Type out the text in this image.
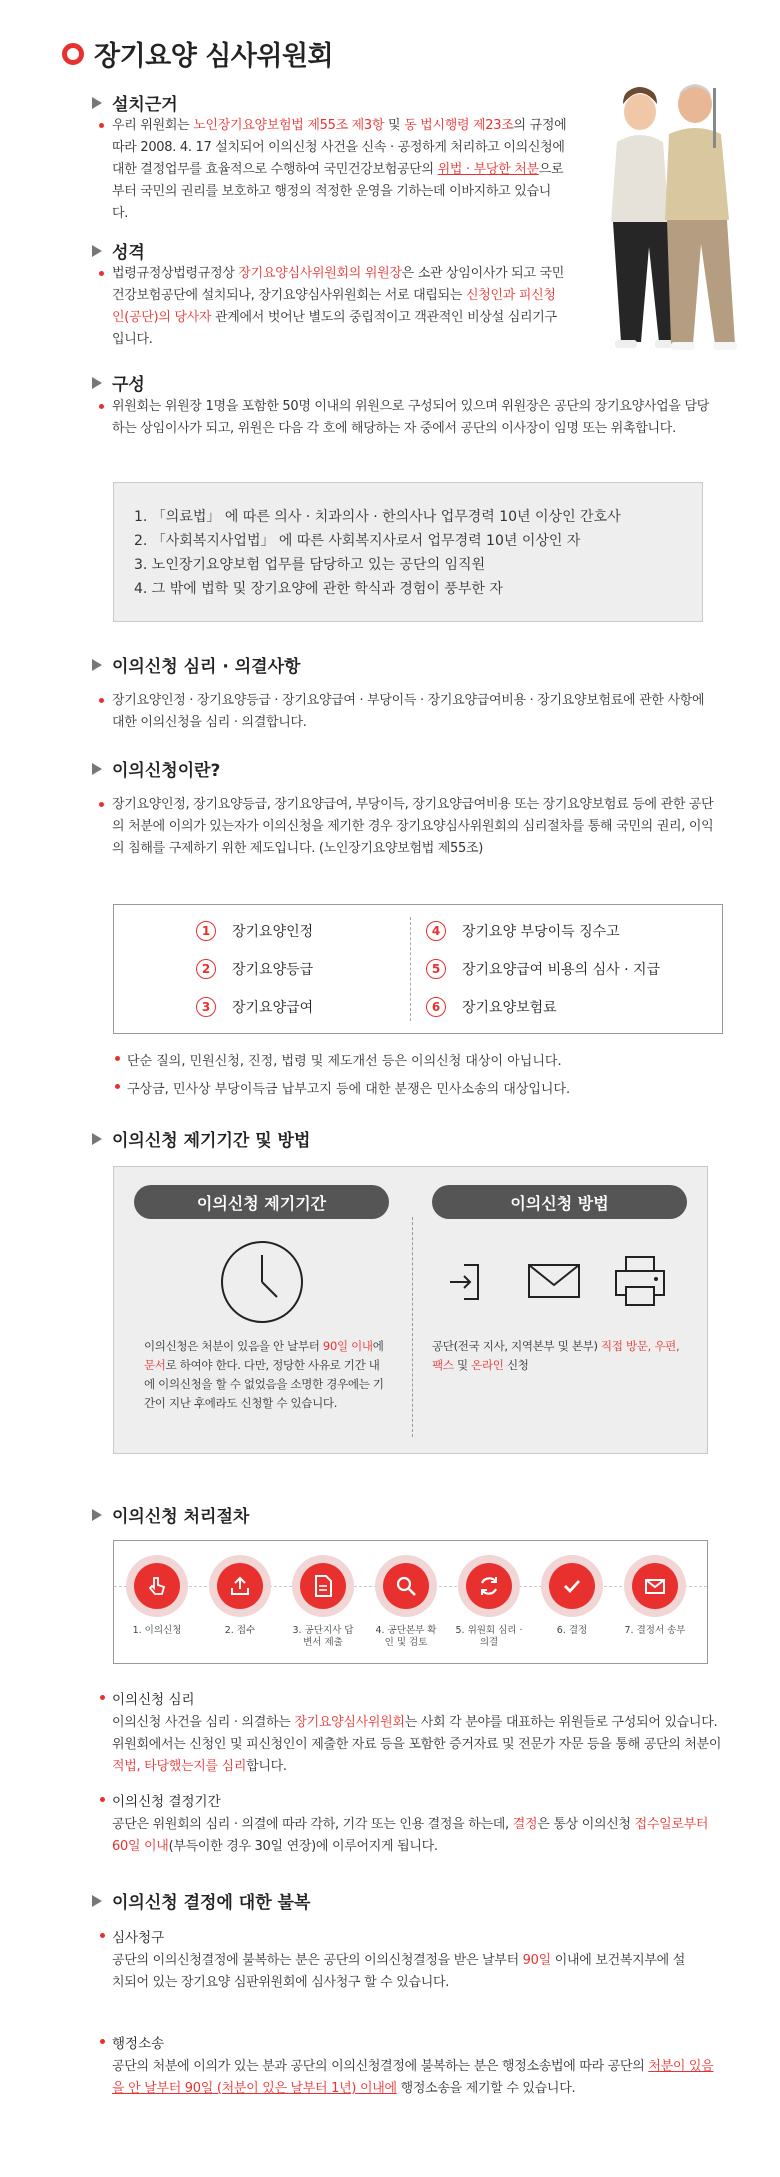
장기요양 심사위원회
설치근거
우리 위원회는 노인장기요양보험법 제55조 제3항 및 동 법시행령 제23조의 규정에 따라 2008. 4. 17 설치되어 이의신청 사건을 신속 · 공정하게 처리하고 이의신청에 대한 결정업무를 효율적으로 수행하여 국민건강보험공단의 위법 · 부당한 처분으로부터 국민의 권리를 보호하고 행정의 적정한 운영을 기하는데 이바지하고 있습니다.
성격
법령규정상법령규정상 장기요양심사위원회의 위원장은 소관 상임이사가 되고 국민건강보험공단에 설치되나, 장기요양심사위원회는 서로 대립되는 신청인과 피신청인(공단)의 당사자 관계에서 벗어난 별도의 중립적이고 객관적인 비상설 심리기구입니다.
구성
위원회는 위원장 1명을 포함한 50명 이내의 위원으로 구성되어 있으며 위원장은 공단의 장기요양사업을 담당하는 상임이사가 되고, 위원은 다음 각 호에 해당하는 자 중에서 공단의 이사장이 임명 또는 위촉합니다.
1. 「의료법」 에 따른 의사 · 치과의사 · 한의사나 업무경력 10년 이상인 간호사
2. 「사회복지사업법」 에 따른 사회복지사로서 업무경력 10년 이상인 자
3. 노인장기요양보험 업무를 담당하고 있는 공단의 임직원
4. 그 밖에 법학 및 장기요양에 관한 학식과 경험이 풍부한 자
이의신청 심리 · 의결사항
장기요양인정 · 장기요양등급 · 장기요양급여 · 부당이득 · 장기요양급여비용 · 장기요양보험료에 관한 사항에 대한 이의신청을 심리 · 의결합니다.
이의신청이란?
장기요양인정, 장기요양등급, 장기요양급여, 부당이득, 장기요양급여비용 또는 장기요양보험료 등에 관한 공단의 처분에 이의가 있는자가 이의신청을 제기한 경우 장기요양심사위원회의 심리절차를 통해 국민의 권리, 이익의 침해를 구제하기 위한 제도입니다. (노인장기요양보험법 제55조)
1	장기요양인정
2	장기요양등급
3	장기요양급여
4	장기요양 부당이득 징수고
5	장기요양급여 비용의 심사 · 지급
6	장기요양보험료
단순 질의, 민원신청, 진정, 법령 및 제도개선 등은 이의신청 대상이 아닙니다.
구상금, 민사상 부당이득금 납부고지 등에 대한 분쟁은 민사소송의 대상입니다.
이의신청 제기기간 및 방법
이의신청 제기기간	이의신청 방법
이의신청은 처분이 있음을 안 날부터 90일 이내에 문서로 하여야 한다. 다만, 정당한 사유로 기간 내에 이의신청을 할 수 없었음을 소명한 경우에는 기간이 지난 후에라도 신청할 수 있습니다.
공단(전국 지사, 지역본부 및 본부) 직접 방문, 우편, 팩스 및 온라인 신청
이의신청 처리절차
1. 이의신청	2. 접수	3. 공단지사 답변서 제출
4. 공단본부 확인 및 검토
5. 위원회 심리 · 의결
6. 결정	7. 결정서 송부
이의신청 심리
이의신청 사건을 심리 · 의결하는 장기요양심사위원회는 사회 각 분야를 대표하는 위원들로 구성되어 있습니다. 위원회에서는 신청인 및 피신청인이 제출한 자료 등을 포함한 증거자료 및 전문가 자문 등을 통해 공단의 처분이 적법, 타당했는지를 심리합니다.
이의신청 결정기간
공단은 위원회의 심리 · 의결에 따라 각하, 기각 또는 인용 결정을 하는데, 결정은 통상 이의신청 접수일로부터 60일 이내(부득이한 경우 30일 연장)에 이루어지게 됩니다.
이의신청 결정에 대한 불복
심사청구
공단의 이의신청결정에 불복하는 분은 공단의 이의신청결정을 받은 날부터 90일 이내에 보건복지부에 설치되어 있는 장기요양 심판위원회에 심사청구 할 수 있습니다.
행정소송
공단의 처분에 이의가 있는 분과 공단의 이의신청결정에 불복하는 분은 행정소송법에 따라 공단의 처분이 있음을 안 날부터 90일 (처분이 있은 날부터 1년) 이내에 행정소송을 제기할 수 있습니다.
